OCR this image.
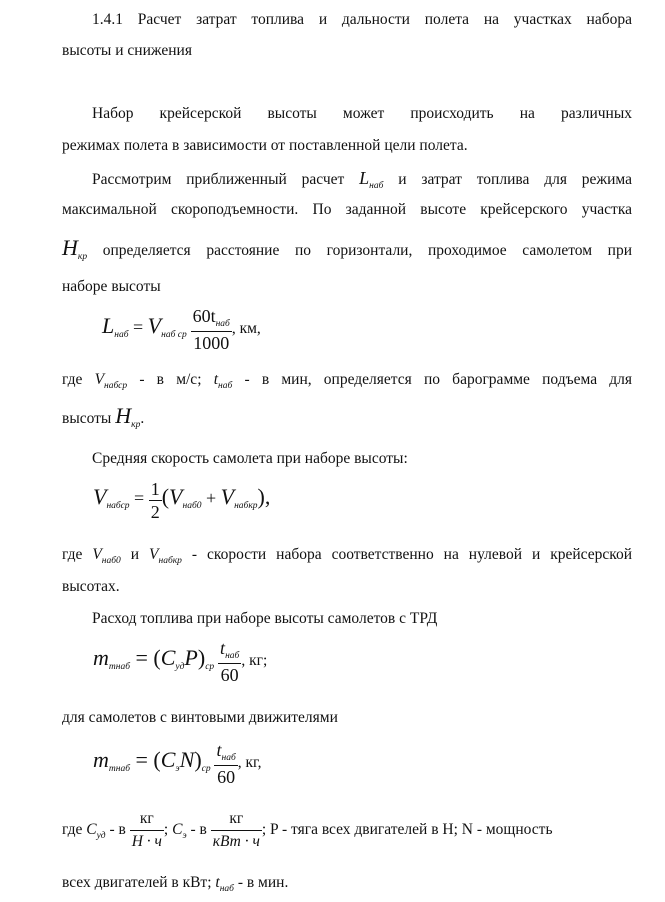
1.4.1 Расчет затрат топлива и дальности полета на участках набора
высоты и снижения
Набор крейсерской высоты может происходить на различных
режимах полета в зависимости от поставленной цели полета.
Рассмотрим приближенный расчет $L_{наб}$ и затрат топлива для режима
максимальной скороподъемности. По заданной высоте крейсерского участка
$H_{кр}$ определяется расстояние по горизонтали, проходимое самолетом при
наборе высоты
$L_{наб} = V_{наб ср} \frac{60t_{наб}}{1000}$ , км,
где $V_{набср}$ - в м/с; $t_{наб}$ - в мин, определяется по барограмме подъема для
высоты $H_{кр}$.
Средняя скорость самолета при наборе высоты:
$V_{набср} = \frac{1}{2} (V_{наб0} + V_{набкр})$,
где $V_{наб0}$ и $V_{набкр}$ - скорости набора соответственно на нулевой и крейсерской
высотах.
Расход топлива при наборе высоты самолетов с ТРД
$m_{тнаб} = (C_{уд}P)_{ср} \frac{t_{наб}}{60}$ , кг;
для самолетов с винтовыми движителями
$m_{тнаб} = (C_эN)_{ср} \frac{t_{наб}}{60}$ , кг,
где $C_{уд}$ - в $\frac{кг}{Н \cdot ч}$ ; $C_э$ - в $\frac{кг}{\text{кВт · ч}}$ ; P - тяга всех двигателей в Н; N - мощность
всех двигателей в кВт; $t_{наб}$ - в мин.
